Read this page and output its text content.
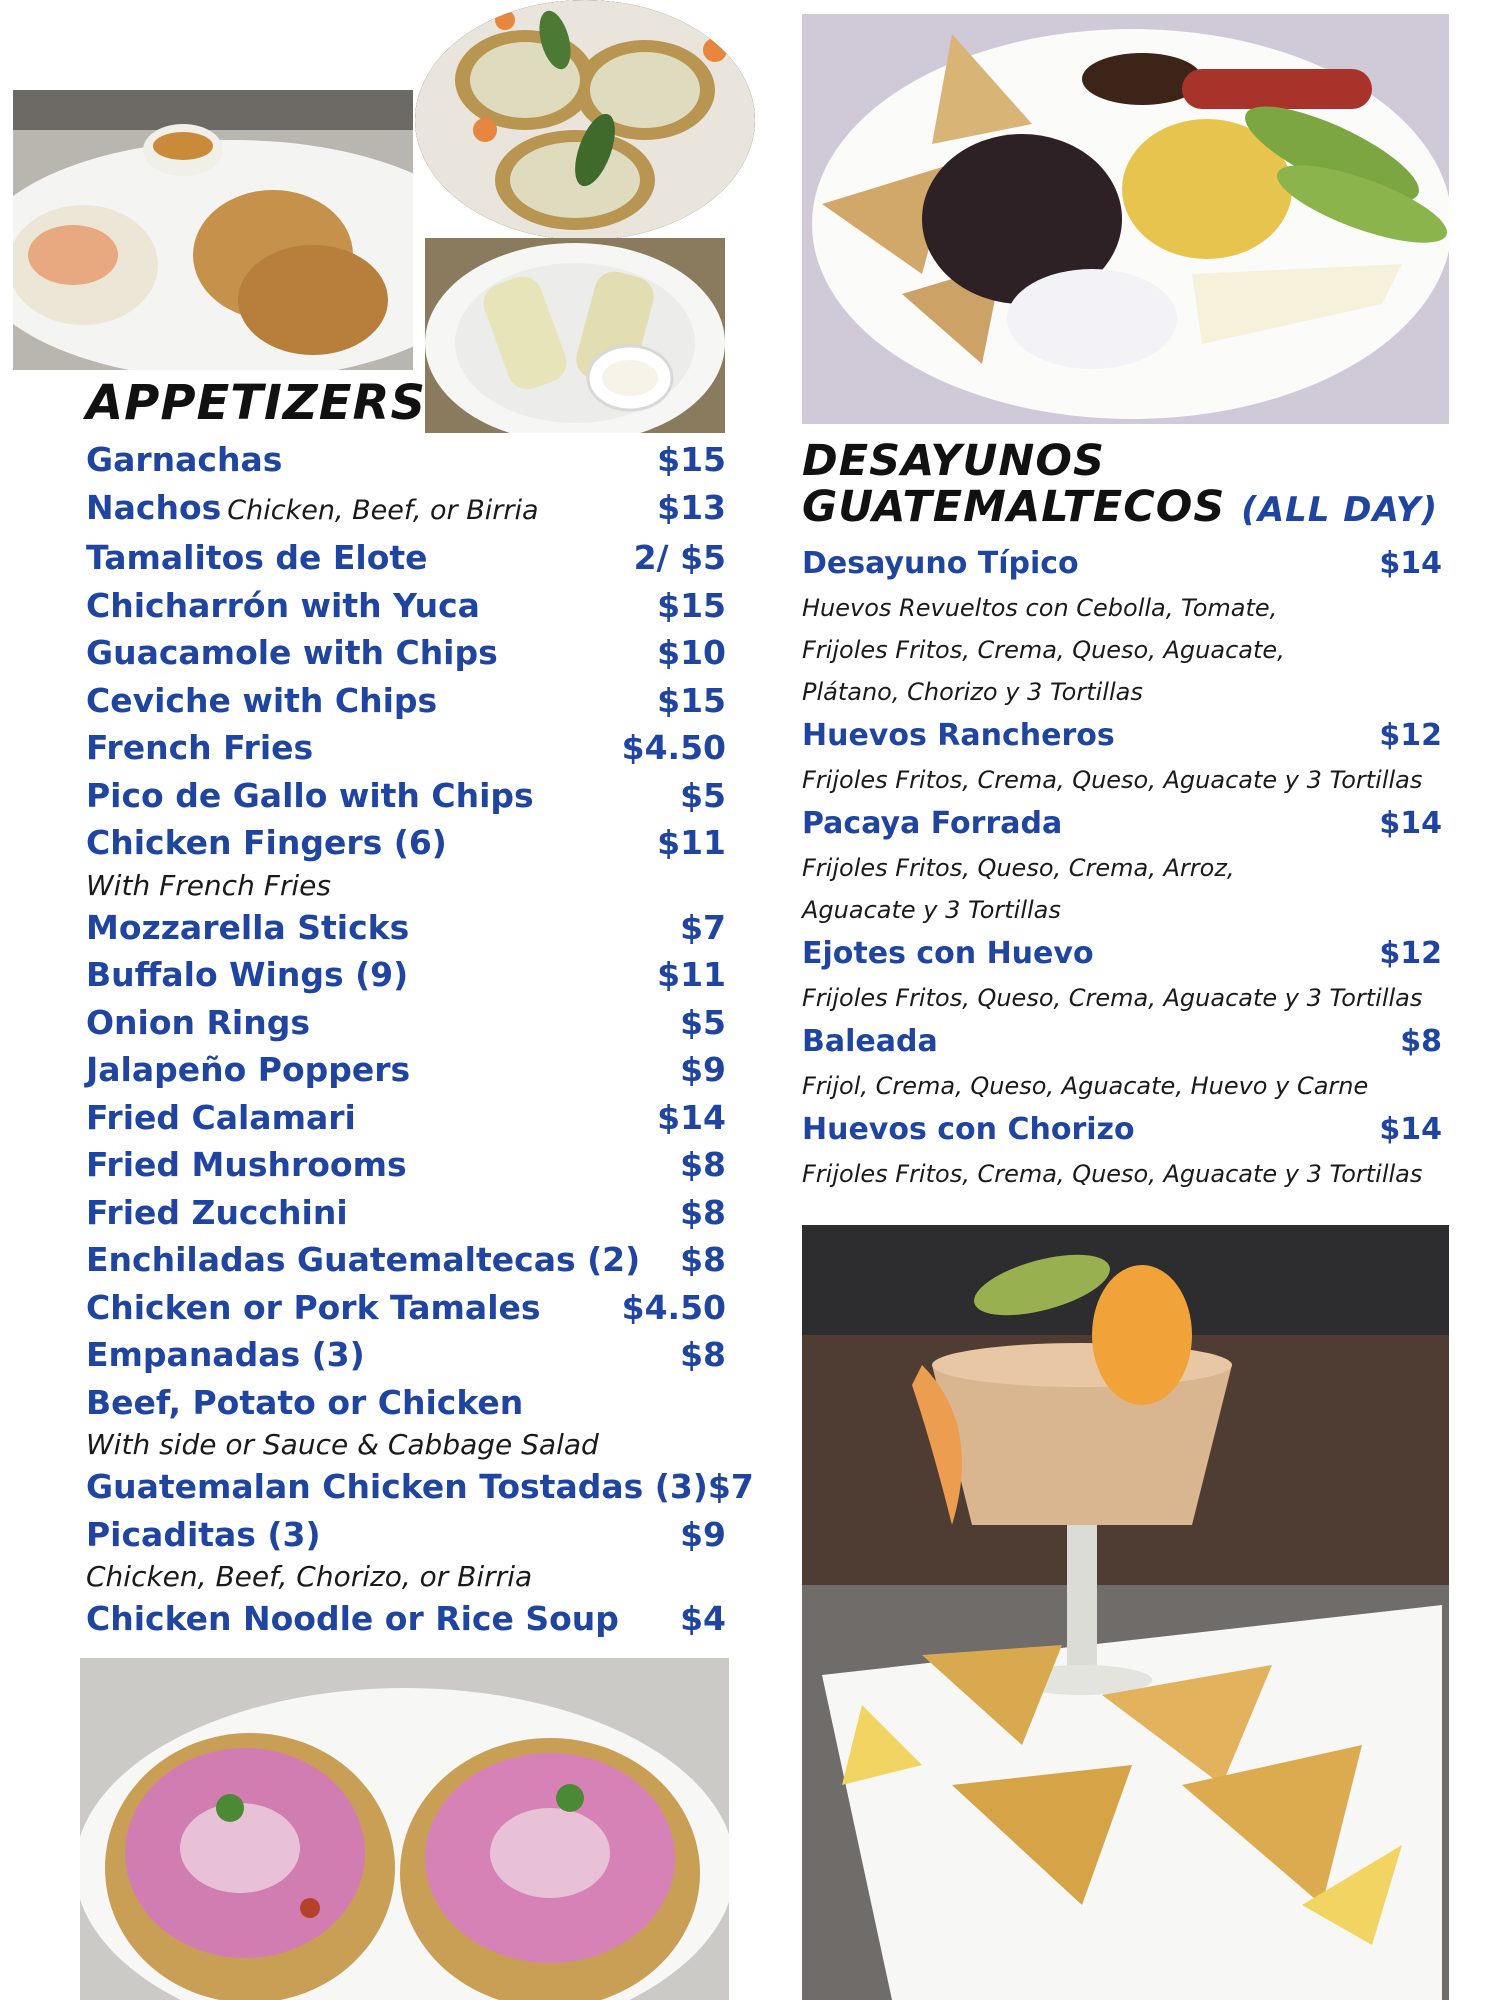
APPETIZERS
Garnachas	$15
Nachos Chicken, Beef, or Birria	$13
Tamalitos de Elote	2/ $5
Chicharrón with Yuca	$15
Guacamole with Chips	$10
Ceviche with Chips	$15
French Fries	$4.50
Pico de Gallo with Chips	$5
Chicken Fingers (6)	$11
With French Fries
Mozzarella Sticks	$7
Buffalo Wings (9)	$11
Onion Rings	$5
Jalapeño Poppers	$9
Fried Calamari	$14
Fried Mushrooms	$8
Fried Zucchini	$8
Enchiladas Guatemaltecas (2) $8
Chicken or Pork Tamales $4.50
Empanadas (3)	$8
Beef, Potato or Chicken
With side or Sauce & Cabbage Salad
Guatemalan Chicken Tostadas (3) $7
Picaditas (3)	$9
Chicken, Beef, Chorizo, or Birria
Chicken Noodle or Rice Soup $4
DESAYUNOS
GUATEMALTECOS (ALL DAY)
Desayuno Típico	$14
Huevos Revueltos con Cebolla, Tomate,
Frijoles Fritos, Crema, Queso, Aguacate,
Plátano, Chorizo y 3 Tortillas
Huevos Rancheros	$12
Frijoles Fritos, Crema, Queso, Aguacate y 3 Tortillas
Pacaya Forrada	$14
Frijoles Fritos, Queso, Crema, Arroz,
Aguacate y 3 Tortillas
Ejotes con Huevo	$12
Frijoles Fritos, Queso, Crema, Aguacate y 3 Tortillas
Baleada	$8
Frijol, Crema, Queso, Aguacate, Huevo y Carne
Huevos con Chorizo	$14
Frijoles Fritos, Crema, Queso, Aguacate y 3 Tortillas
